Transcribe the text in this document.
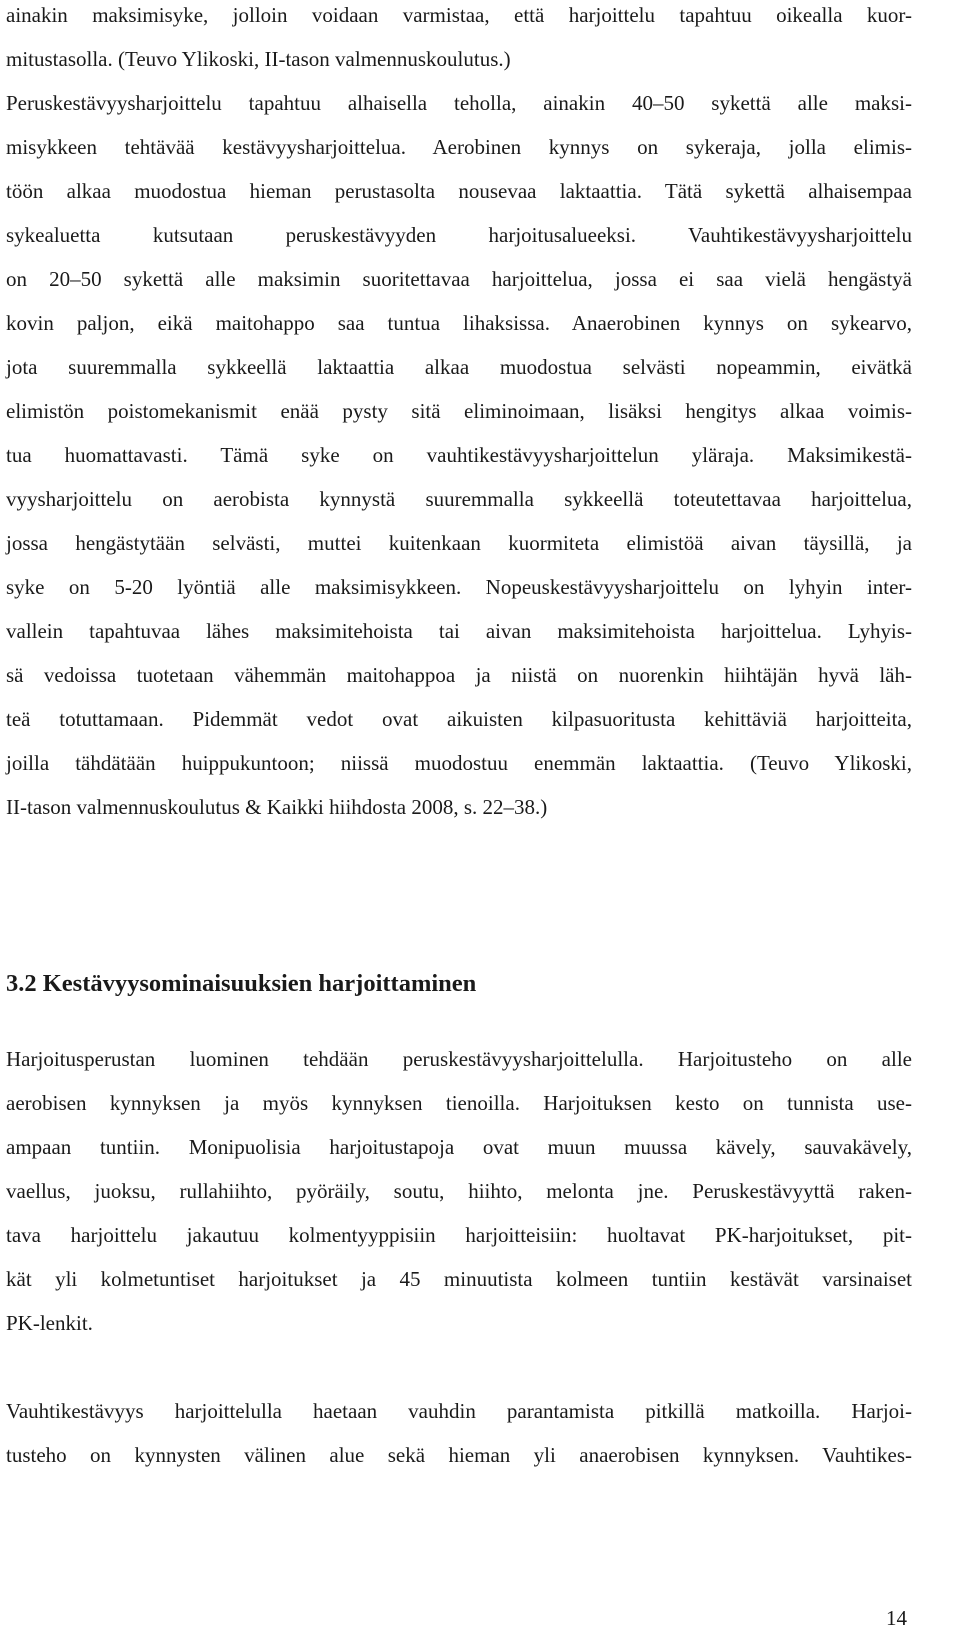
ainakin maksimisyke, jolloin voidaan varmistaa, että harjoittelu tapahtuu oikealla kuor-
mitustasolla. (Teuvo Ylikoski, II-tason valmennuskoulutus.)
Peruskestävyysharjoittelu tapahtuu alhaisella teholla, ainakin 40–50 sykettä alle maksi-
misykkeen tehtävää kestävyysharjoittelua. Aerobinen kynnys on sykeraja, jolla elimis-
töön alkaa muodostua hieman perustasolta nousevaa laktaattia. Tätä sykettä alhaisempaa
sykealuetta kutsutaan peruskestävyyden harjoitusalueeksi. Vauhtikestävyysharjoittelu
on 20–50 sykettä alle maksimin suoritettavaa harjoittelua, jossa ei saa vielä hengästyä
kovin paljon, eikä maitohappo saa tuntua lihaksissa. Anaerobinen kynnys on sykearvo,
jota suuremmalla sykkeellä laktaattia alkaa muodostua selvästi nopeammin, eivätkä
elimistön poistomekanismit enää pysty sitä eliminoimaan, lisäksi hengitys alkaa voimis-
tua huomattavasti. Tämä syke on vauhtikestävyysharjoittelun yläraja. Maksimikestä-
vyysharjoittelu on aerobista kynnystä suuremmalla sykkeellä toteutettavaa harjoittelua,
jossa hengästytään selvästi, muttei kuitenkaan kuormiteta elimistöä aivan täysillä, ja
syke on 5-20 lyöntiä alle maksimisykkeen. Nopeuskestävyysharjoittelu on lyhyin inter-
vallein tapahtuvaa lähes maksimitehoista tai aivan maksimitehoista harjoittelua. Lyhyis-
sä vedoissa tuotetaan vähemmän maitohappoa ja niistä on nuorenkin hiihtäjän hyvä läh-
teä totuttamaan. Pidemmät vedot ovat aikuisten kilpasuoritusta kehittäviä harjoitteita,
joilla tähdätään huippukuntoon; niissä muodostuu enemmän laktaattia. (Teuvo Ylikoski,
II-tason valmennuskoulutus & Kaikki hiihdosta 2008, s. 22–38.)
3.2 Kestävyysominaisuuksien harjoittaminen
Harjoitusperustan luominen tehdään peruskestävyysharjoittelulla. Harjoitusteho on alle
aerobisen kynnyksen ja myös kynnyksen tienoilla. Harjoituksen kesto on tunnista use-
ampaan tuntiin. Monipuolisia harjoitustapoja ovat muun muussa kävely, sauvakävely,
vaellus, juoksu, rullahiihto, pyöräily, soutu, hiihto, melonta jne. Peruskestävyyttä raken-
tava harjoittelu jakautuu kolmentyyppisiin harjoitteisiin: huoltavat PK-harjoitukset, pit-
kät yli kolmetuntiset harjoitukset ja 45 minuutista kolmeen tuntiin kestävät varsinaiset
PK-lenkit.
Vauhtikestävyys harjoittelulla haetaan vauhdin parantamista pitkillä matkoilla. Harjoi-
tusteho on kynnysten välinen alue sekä hieman yli anaerobisen kynnyksen. Vauhtikes-
14
